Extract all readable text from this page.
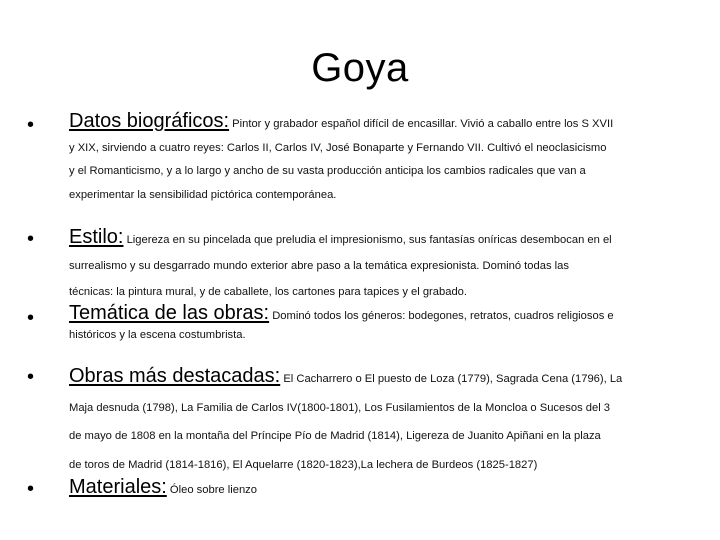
Goya
• Datos biográficos: Pintor y grabador español difícil de encasillar. Vivió a caballo entre los S XVII
y XIX, sirviendo a cuatro reyes: Carlos II, Carlos IV, José Bonaparte y Fernando VII. Cultivó el neoclasicismo
y el Romanticismo, y a lo largo y ancho de su vasta producción anticipa los cambios radicales que van a
experimentar la sensibilidad pictórica contemporánea.
• Estilo: Ligereza en su pincelada que preludia el impresionismo, sus fantasías oníricas desembocan en el
surrealismo y su desgarrado mundo exterior abre paso a la temática expresionista. Dominó todas las
técnicas: la pintura mural, y de caballete, los cartones para tapices y el grabado.
• Temática de las obras: Dominó todos los géneros: bodegones, retratos, cuadros religiosos e
históricos y la escena costumbrista.
• Obras más destacadas: El Cacharrero o El puesto de Loza (1779), Sagrada Cena (1796), La
Maja desnuda (1798), La Familia de Carlos IV(1800-1801), Los Fusilamientos de la Moncloa o Sucesos del 3
de mayo de 1808 en la montaña del Príncipe Pío de Madrid (1814), Ligereza de Juanito Apiñani en la plaza
de toros de Madrid (1814-1816), El Aquelarre (1820-1823),La lechera de Burdeos (1825-1827)
• Materiales: Óleo sobre lienzo
